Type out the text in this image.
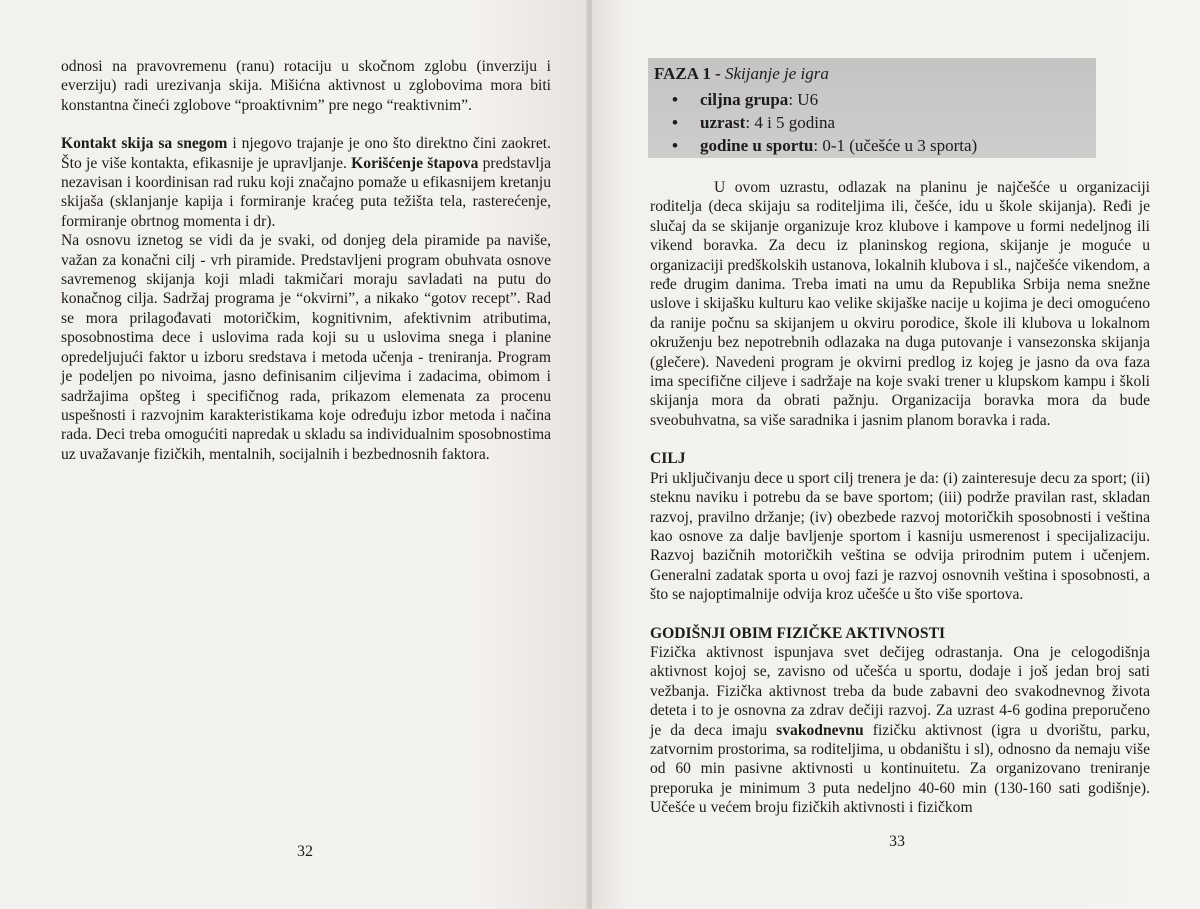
odnosi na pravovremenu (ranu) rotaciju u skočnom zglobu (inverziju i everziju) radi urezivanja skija. Mišićna aktivnost u zglobovima mora biti konstantna čineći zglobove “proaktivnim” pre nego “reaktivnim”.

Kontakt skija sa snegom i njegovo trajanje je ono što direktno čini zaokret. Što je više kontakta, efikasnije je upravljanje. Korišćenje štapova predstavlja nezavisan i koordinisan rad ruku koji značajno pomaže u efikasnijem kretanju skijaša (sklanjanje kapija i formiranje kraćeg puta težišta tela, rasterećenje, formiranje obrtnog momenta i dr).

Na osnovu iznetog se vidi da je svaki, od donjeg dela piramide pa naviše, važan za konačni cilj - vrh piramide. Predstavljeni program obuhvata osnove savremenog skijanja koji mladi takmičari moraju savladati na putu do konačnog cilja. Sadržaj programa je “okvirni”, a nikako “gotov recept”. Rad se mora prilagođavati motoričkim, kognitivnim, afektivnim atributima, sposobnostima dece i uslovima rada koji su u uslovima snega i planine opredeljujući faktor u izboru sredstava i metoda učenja - treniranja. Program je podeljen po nivoima, jasno definisanim ciljevima i zadacima, obimom i sadržajima opšteg i specifičnog rada, prikazom elemenata za procenu uspešnosti i razvojnim karakteristikama koje određuju izbor metoda i načina rada. Deci treba omogućiti napredak u skladu sa individualnim sposobnostima uz uvažavanje fizičkih, mentalnih, socijalnih i bezbednosnih faktora.

32
FAZA 1 - Skijanje je igra
• ciljna grupa: U6
• uzrast: 4 i 5 godina
• godine u sportu: 0-1 (učešće u 3 sporta)

U ovom uzrastu, odlazak na planinu je najčešće u organizaciji roditelja (deca skijaju sa roditeljima ili, češće, idu u škole skijanja). Ređi je slučaj da se skijanje organizuje kroz klubove i kampove u formi nedeljnog ili vikend boravka. Za decu iz planinskog regiona, skijanje je moguće u organizaciji predškolskih ustanova, lokalnih klubova i sl., najčešće vikendom, a ređe drugim danima. Treba imati na umu da Republika Srbija nema snežne uslove i skijašku kulturu kao velike skijaške nacije u kojima je deci omogućeno da ranije počnu sa skijanjem u okviru porodice, škole ili klubova u lokalnom okruženju bez nepotrebnih odlazaka na duga putovanje i vansezonska skijanja (glečere). Navedeni program je okvirni predlog iz kojeg je jasno da ova faza ima specifične ciljeve i sadržaje na koje svaki trener u klupskom kampu i školi skijanja mora da obrati pažnju. Organizacija boravka mora da bude sveobuhvatna, sa više saradnika i jasnim planom boravka i rada.

CILJ

Pri uključivanju dece u sport cilj trenera je da: (i) zainteresuje decu za sport; (ii) steknu naviku i potrebu da se bave sportom; (iii) podrže pravilan rast, skladan razvoj, pravilno držanje; (iv) obezbede razvoj motoričkih sposobnosti i veština kao osnove za dalje bavljenje sportom i kasniju usmerenost i specijalizaciju. Razvoj bazičnih motoričkih veština se odvija prirodnim putem i učenjem. Generalni zadatak sporta u ovoj fazi je razvoj osnovnih veština i sposobnosti, a što se najoptimalnije odvija kroz učešće u što više sportova.

GODIŠNJI OBIM FIZIČKE AKTIVNOSTI

Fizička aktivnost ispunjava svet dečijeg odrastanja. Ona je celogodišnja aktivnost kojoj se, zavisno od učešća u sportu, dodaje i još jedan broj sati vežbanja. Fizička aktivnost treba da bude zabavni deo svakodnevnog života deteta i to je osnovna za zdrav dečiji razvoj. Za uzrast 4-6 godina preporučeno je da deca imaju svakodnevnu fizičku aktivnost (igra u dvorištu, parku, zatvornim prostorima, sa roditeljima, u obdaništu i sl), odnosno da nemaju više od 60 min pasivne aktivnosti u kontinuitetu. Za organizovano treniranje preporuka je minimum 3 puta nedeljno 40-60 min (130-160 sati godišnje). Učešće u većem broju fizičkih aktivnosti i fizičkom

33
